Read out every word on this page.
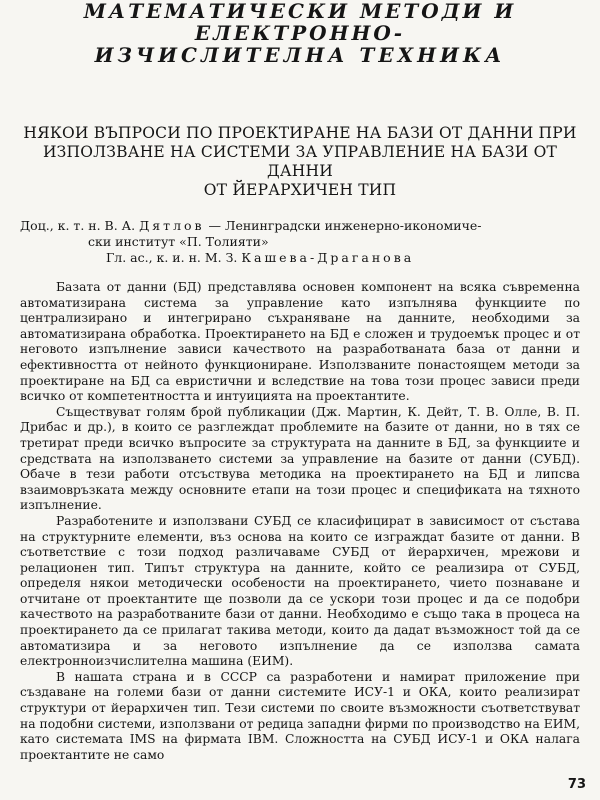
МАТЕМАТИЧЕСКИ МЕТОДИ И ЕЛЕКТРОННО-
ИЗЧИСЛИТЕЛНА ТЕХНИКА
НЯКОИ ВЪПРОСИ ПО ПРОЕКТИРАНЕ НА БАЗИ ОТ ДАННИ ПРИ
ИЗПОЛЗВАНЕ НА СИСТЕМИ ЗА УПРАВЛЕНИЕ НА БАЗИ ОТ ДАННИ
ОТ ЙЕРАРХИЧЕН ТИП
Доц., к. т. н. В. А. Дятлов — Ленинградски инженерно-икономиче-
ски институт «П. Толияти»
Гл. ас., к. и. н. М. З. Кашева-Драганова

Базата от данни (БД) представлява основен компонент на всяка съвременна автоматизирана система за управление като изпълнява функциите по централизирано и интегрирано съхраняване на данните, необходими за автоматизирана обработка. Проектирането на БД е сложен и трудоемък процес и от неговото изпълнение зависи качеството на разработваната база от данни и ефективността от нейното функциониране. Използваните понастоящем методи за проектиране на БД са евристични и вследствие на това този процес зависи преди всичко от компетентността и интуицията на проектантите.

Съществуват голям брой публикации (Дж. Мартин, К. Дейт, Т. В. Олле, В. П. Дрибас и др.), в които се разглеждат проблемите на базите от данни, но в тях се третират преди всичко въпросите за структурата на данните в БД, за функциите и средствата на използването системи за управление на базите от данни (СУБД). Обаче в тези работи отсъствува методика на проектирането на БД и липсва взаимовръзката между основните етапи на този процес и спецификата на тяхното изпълнение.

Разработените и използвани СУБД се класифицират в зависимост от състава на структурните елементи, въз основа на които се изграждат базите от данни. В съответствие с този подход различаваме СУБД от йерархичен, мрежови и релационен тип. Типът структура на данните, който се реализира от СУБД, определя някои методически особености на проектирането, чието познаване и отчитане от проектантите ще позволи да се ускори този процес и да се подобри качеството на разработваните бази от данни. Необходимо е също така в процеса на проектирането да се прилагат такива методи, които да дадат възможност той да се автоматизира и за неговото изпълнение да се използва самата електронноизчислителна машина (ЕИМ).

В нашата страна и в СССР са разработени и намират приложение при създаване на големи бази от данни системите ИСУ-1 и ОКА, които реализират структури от йерархичен тип. Тези системи по своите възможности съответствуват на подобни системи, използвани от редица западни фирми по производство на ЕИМ, като системата IMS на фирмата IBM. Сложността на СУБД ИСУ-1 и ОКА налага проектантите не само

73
